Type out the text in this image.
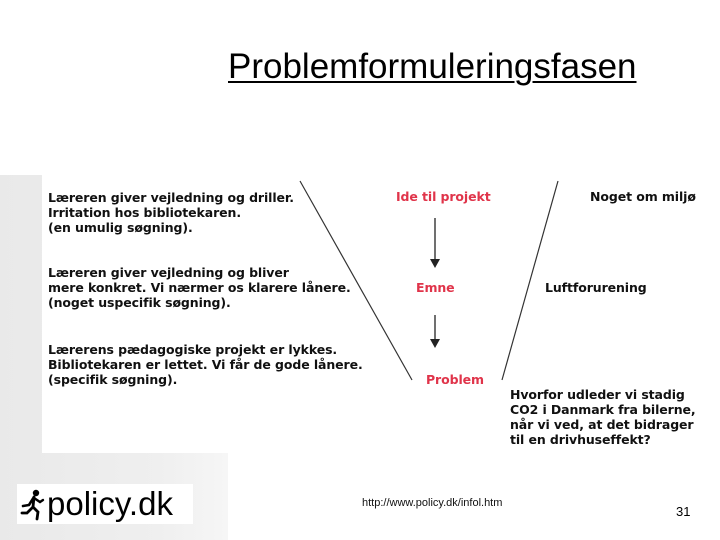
Problemformuleringsfasen
Læreren giver vejledning og driller.
Irritation hos bibliotekaren.
(en umulig søgning).
Læreren giver vejledning og bliver
mere konkret. Vi nærmer os klarere lånere.
(noget uspecifik søgning).
Lærerens pædagogiske projekt er lykkes.
Bibliotekaren er lettet. Vi får de gode lånere.
(specifik søgning).
Ide til projekt
Emne
Problem
Noget om miljø
Luftforurening
Hvorfor udleder vi stadig
CO2 i Danmark fra bilerne,
når vi ved, at det bidrager
til en drivhuseffekt?
policy.dk	http://www.policy.dk/infol.htm
31
